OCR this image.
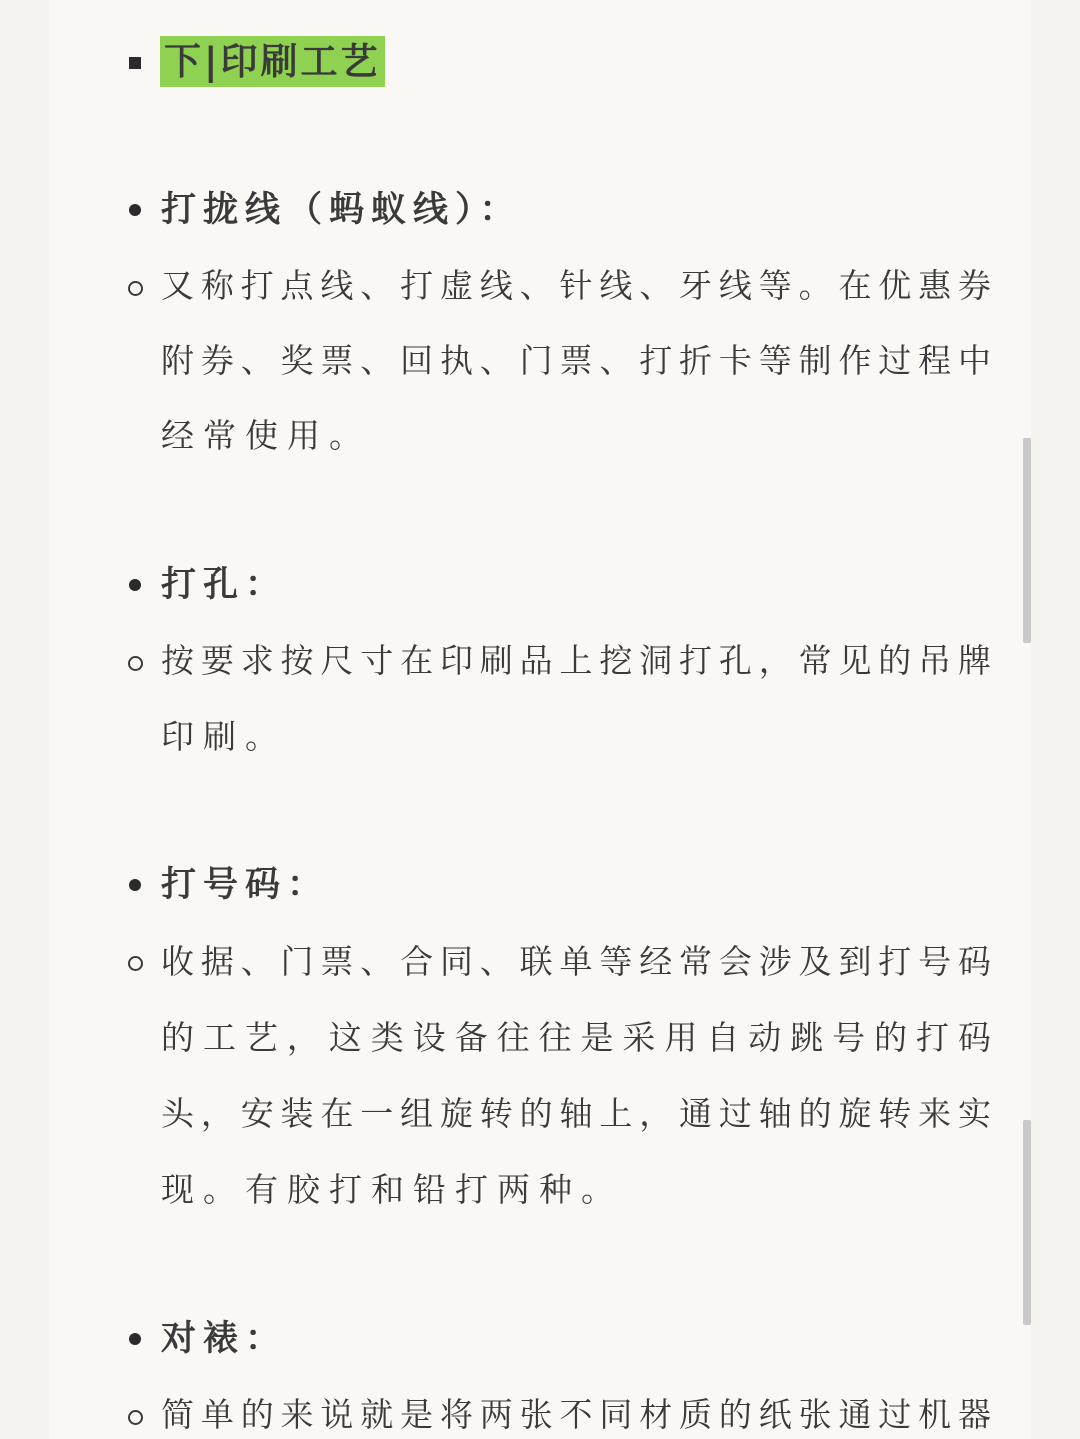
下|印刷工艺
打拢线（蚂蚁线）：
又称打点线、打虚线、针线、牙线等。在优惠券
附券、奖票、回执、门票、打折卡等制作过程中
经常使用。
打孔：
按要求按尺寸在印刷品上挖洞打孔，常见的吊牌
印刷。
打号码：
收据、门票、合同、联单等经常会涉及到打号码
的工艺，这类设备往往是采用自动跳号的打码
头，安装在一组旋转的轴上，通过轴的旋转来实
现。有胶打和铅打两种。
对裱：
简单的来说就是将两张不同材质的纸张通过机器
